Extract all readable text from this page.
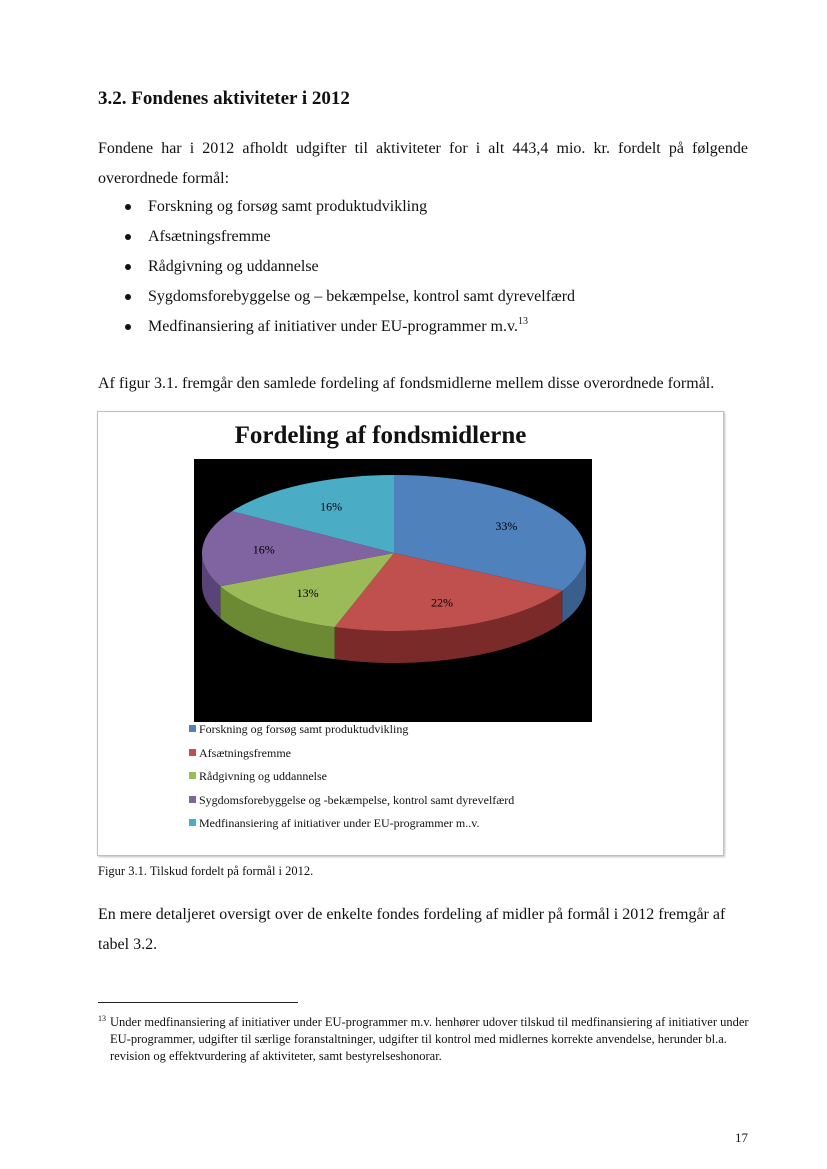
3.2. Fondenes aktiviteter i 2012

Fondene har i 2012 afholdt udgifter til aktiviteter for i alt 443,4 mio. kr. fordelt på følgende overordnede formål:

Forskning og forsøg samt produktudvikling
Afsætningsfremme
Rådgivning og uddannelse
Sygdomsforebyggelse og – bekæmpelse, kontrol samt dyrevelfærd
Medfinansiering af initiativer under EU-programmer m.v.$^{13}$

Af figur 3.1. fremgår den samlede fordeling af fondsmidlerne mellem disse overordnede formål.

Fordeling af fondsmidlerne
33%
22%
13%
16%
16%
Forskning og forsøg samt produktudvikling
Afsætningsfremme
Rådgivning og uddannelse
Sygdomsforebyggelse og -bekæmpelse, kontrol samt dyrevelfærd
Medfinansiering af initiativer under EU-programmer m..v.

Figur 3.1. Tilskud fordelt på formål i 2012.

En mere detaljeret oversigt over de enkelte fondes fordeling af midler på formål i 2012 fremgår af tabel 3.2.

$^{13}$ Under medfinansiering af initiativer under EU-programmer m.v. henhører udover tilskud til medfinansiering af initiativer under EU-programmer, udgifter til særlige foranstaltninger, udgifter til kontrol med midlernes korrekte anvendelse, herunder bl.a. revision og effektvurdering af aktiviteter, samt bestyrelseshonorar.

17
